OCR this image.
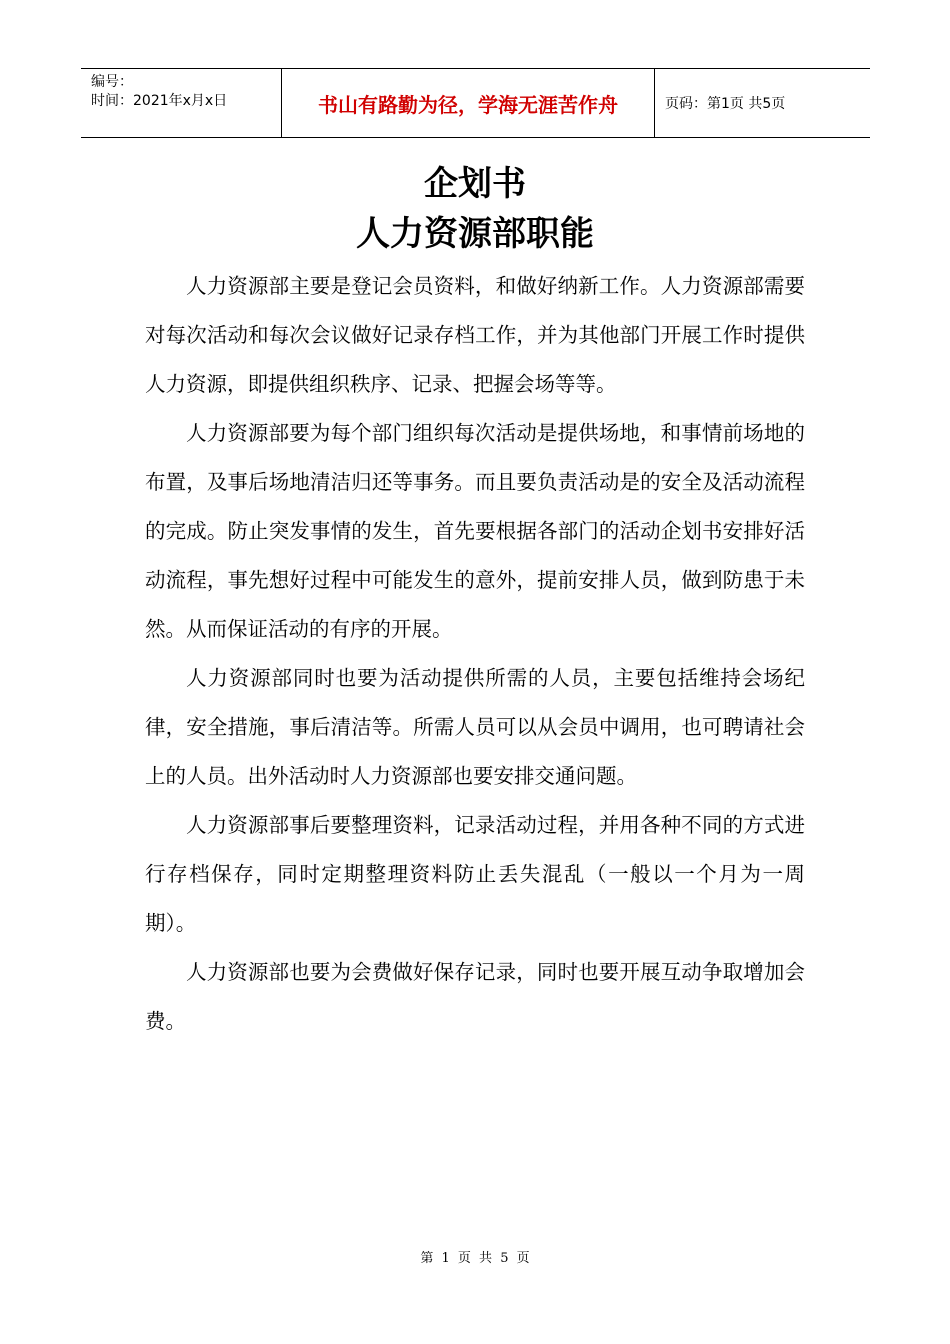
编号：
时间：2021年x月x日	书山有路勤为径，学海无涯苦作舟	页码：第1页 共5页
企划书
人力资源部职能

人力资源部主要是登记会员资料，和做好纳新工作。人力资源部需要对每次活动和每次会议做好记录存档工作，并为其他部门开展工作时提供人力资源，即提供组织秩序、记录、把握会场等等。

人力资源部要为每个部门组织每次活动是提供场地，和事情前场地的布置，及事后场地清洁归还等事务。而且要负责活动是的安全及活动流程的完成。防止突发事情的发生，首先要根据各部门的活动企划书安排好活动流程，事先想好过程中可能发生的意外，提前安排人员，做到防患于未然。从而保证活动的有序的开展。

人力资源部同时也要为活动提供所需的人员，主要包括维持会场纪律，安全措施，事后清洁等。所需人员可以从会员中调用，也可聘请社会上的人员。出外活动时人力资源部也要安排交通问题。

人力资源部事后要整理资料，记录活动过程，并用各种不同的方式进行存档保存，同时定期整理资料防止丢失混乱（一般以一个月为一周期）。

人力资源部也要为会费做好保存记录，同时也要开展互动争取增加会费。

第 1 页 共 5 页
